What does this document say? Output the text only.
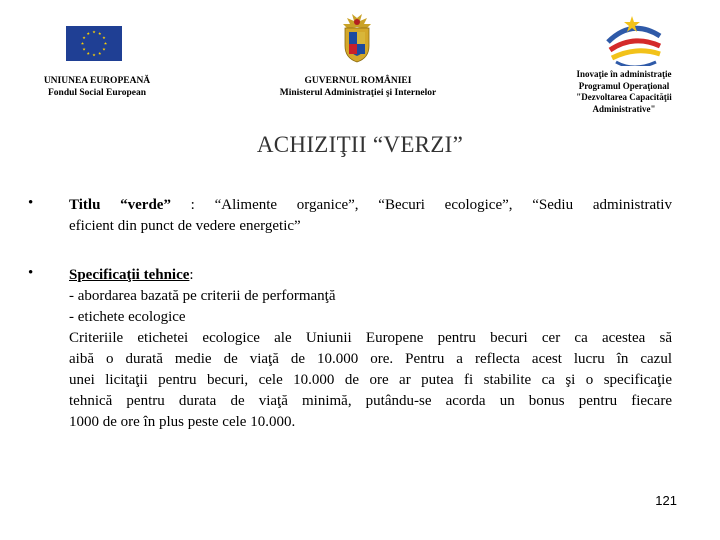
UNIUNEA EUROPEANĂ
Fondul Social European
GUVERNUL ROMÂNIEI
Ministerul Administraţiei şi Internelor
Inovaţie în administraţie
Programul Operaţional
"Dezvoltarea Capacităţii
Administrative"
ACHIZIŢII “VERZI”
• Titlu “verde” : “Alimente organice”, “Becuri ecologice”, “Sediu administrativ
eficient din punct de vedere energetic”
• Specificaţii tehnice:
- abordarea bazată pe criterii de performanţă
- etichete ecologice
Criteriile etichetei ecologice ale Uniunii Europene pentru becuri cer ca acestea să
aibă o durată medie de viaţă de 10.000 ore. Pentru a reflecta acest lucru în cazul
unei licitaţii pentru becuri, cele 10.000 de ore ar putea fi stabilite ca şi o specificaţie
tehnică pentru durata de viaţă minimă, putându-se acorda un bonus pentru fiecare
1000 de ore în plus peste cele 10.000.
121
